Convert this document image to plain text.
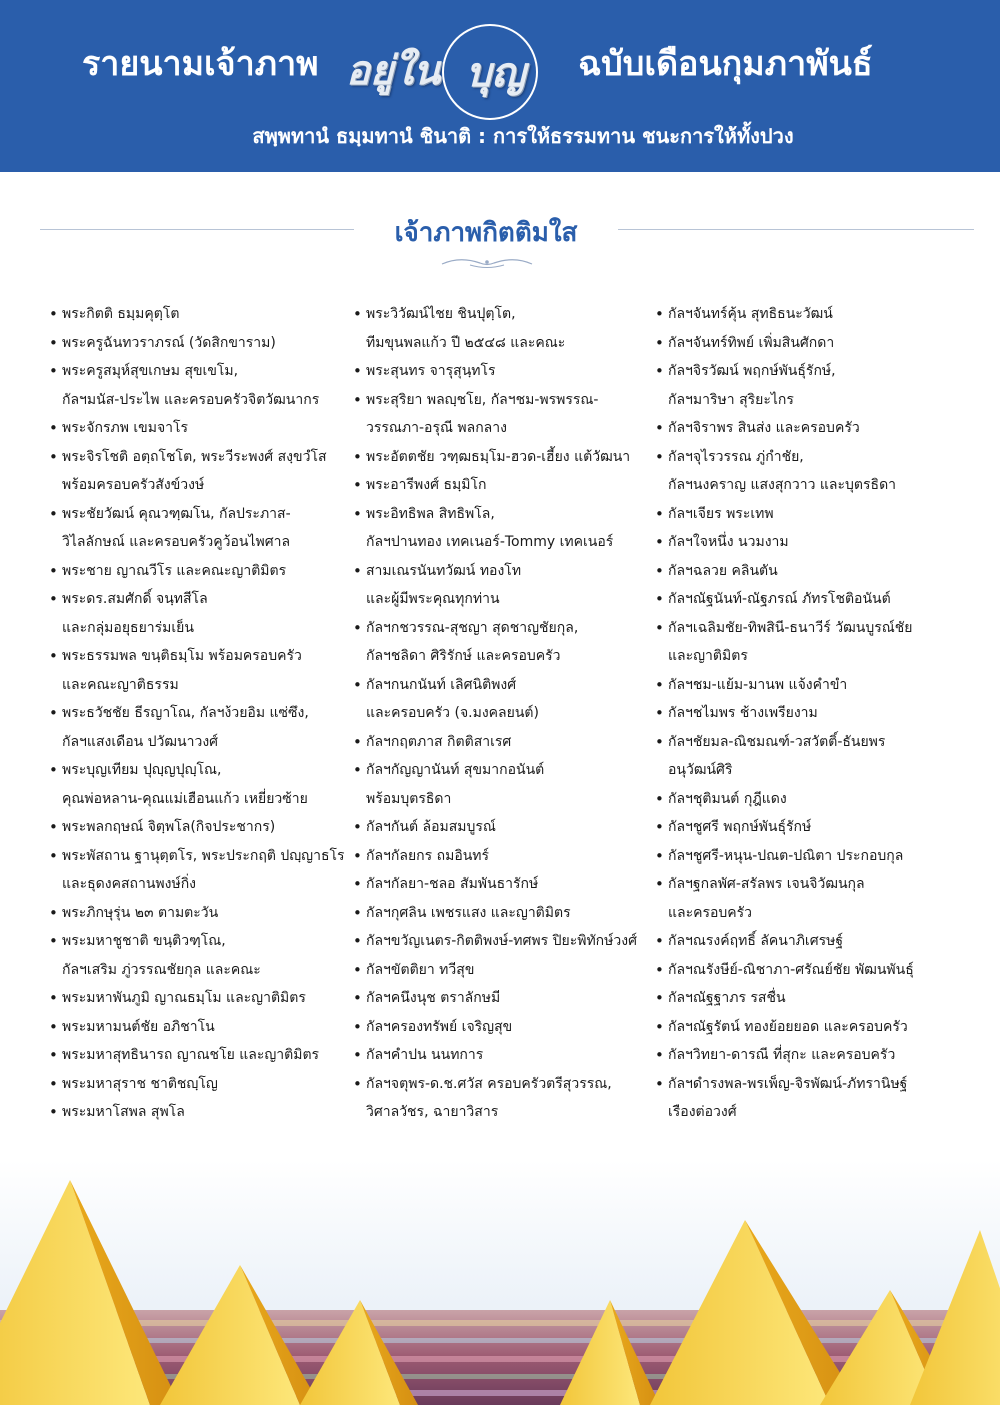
รายนามเจ้าภาพ อยู่ใน บุญ ฉบับเดือนกุมภาพันธ์
สพฺพทานํ ธมฺมทานํ ชินาติ : การให้ธรรมทาน ชนะการให้ทั้งปวง
เจ้าภาพกิตติมใส
• พระกิตติ ธมฺมคุตฺโต
• พระครูฉันทวราภรณ์ (วัดสิกขาราม)
• พระครูสมุห์สุขเกษม สุขเขโม,
กัลฯมนัส-ประไพ และครอบครัวจิตวัฒนากร
• พระจักรภพ เขมจาโร
• พระจิรโชติ อตฺถโชโต, พระวีระพงศ์ สงฺขวํโส
พร้อมครอบครัวสังข์วงษ์
• พระชัยวัฒน์ คุณวฑฺฒโน, กัลประภาส-
วิไลลักษณ์ และครอบครัวคูว้อนไพศาล
• พระชาย ญาณวีโร และคณะญาติมิตร
• พระดร.สมศักดิ์ จนฺทสีโล
และกลุ่มอยุธยาร่มเย็น
• พระธรรมพล ขนฺติธมฺโม พร้อมครอบครัว
และคณะญาติธรรม
• พระธวัชชัย ธีรญาโณ, กัลฯง้วยอิม แซ่ซึง,
กัลฯแสงเดือน ปวัฒนาวงศ์
• พระบุญเทียม ปุญฺญปุญฺโณ,
คุณพ่อหลาน-คุณแม่เฮือนแก้ว เหยี่ยวซ้าย
• พระพลกฤษณ์ จิตฺพโล(กิจประชากร)
• พระพัสถาน ฐานุตฺตโร, พระประกฤติ ปญฺญาธโร
และธุดงคสถานพงษ์กิ่ง
• พระภิกษุรุ่น ๒๓ ตามตะวัน
• พระมหาชูชาติ ขนฺติวฑฺโณ,
กัลฯเสริม ภู่วรรณชัยกุล และคณะ
• พระมหาพันภูมิ ญาณธมฺโม และญาติมิตร
• พระมหามนต์ชัย อภิชาโน
• พระมหาสุทธินารถ ญาณชโย และญาติมิตร
• พระมหาสุราช ชาติชญฺโญ
• พระมหาโสพล สุพโล
• พระวิวัฒน์ไชย ชินปุตฺโต,
ทีมขุนพลแก้ว ปี ๒๕๔๘ และคณะ
• พระสุนทร จารุสุนฺทโร
• พระสุริยา พลญฺชโย, กัลฯชม-พรพรรณ-
วรรณภา-อรุณี พลกลาง
• พระอัตตชัย วฑฺฒธมฺโม-ฮวด-เฮี้ยง แต้วัฒนา
• พระอารีพงศ์ ธมฺมิโก
• พระอิทธิพล สิทธิพโล,
กัลฯปานทอง เทคเนอร์-Tommy เทคเนอร์
• สามเณรนันทวัฒน์ ทองโท
และผู้มีพระคุณทุกท่าน
• กัลฯกชวรรณ-สุชญา สุดชาญชัยกุล,
กัลฯชลิดา ศิริรักษ์ และครอบครัว
• กัลฯกนกนันท์ เลิศนิติพงศ์
และครอบครัว (จ.มงคลยนต์)
• กัลฯกฤตภาส กิตติสาเรศ
• กัลฯกัญญานันท์ สุขมากอนันต์
พร้อมบุตรธิดา
• กัลฯกันต์ ล้อมสมบูรณ์
• กัลฯกัลยกร ถมอินทร์
• กัลฯกัลยา-ชลอ สัมพันธารักษ์
• กัลฯกุศลิน เพชรแสง และญาติมิตร
• กัลฯขวัญเนตร-กิตติพงษ์-ทศพร ปิยะพิทักษ์วงศ์
• กัลฯขัตติยา ทวีสุข
• กัลฯคนึงนุช ตราลักษมี
• กัลฯครองทรัพย์ เจริญสุข
• กัลฯคำปน นนทการ
• กัลฯจตุพร-ด.ช.ศวัส ครอบครัวตรีสุวรรณ,
วิศาลวัชร, ฉายาวิสาร
• กัลฯจันทร์คุ้น สุทธิธนะวัฒน์
• กัลฯจันทร์ทิพย์ เพิ่มสินศักดา
• กัลฯจิรวัฒน์ พฤกษ์พันธุ์รักษ์,
กัลฯมาริษา สุริยะไกร
• กัลฯจิราพร สินส่ง และครอบครัว
• กัลฯจุไรวรรณ ภู่กำชัย,
กัลฯนงคราญ แสงสุกวาว และบุตรธิดา
• กัลฯเจียร พระเทพ
• กัลฯใจหนึ่ง นวมงาม
• กัลฯฉลวย คลินตัน
• กัลฯณัฐนันท์-ณัฐภรณ์ ภัทรโชติอนันต์
• กัลฯเฉลิมชัย-ทิพสินี-ธนาวีร์ วัฒนบูรณ์ชัย
และญาติมิตร
• กัลฯชม-แย้ม-มานพ แจ้งคำขำ
• กัลฯชไมพร ช้างเพรียงาม
• กัลฯชัยมล-ณิชมณฑ์-วสวัตติ์-ธันยพร
อนุวัฒน์ศิริ
• กัลฯชุติมนต์ กุฎีแดง
• กัลฯชูศรี พฤกษ์พันธุ์รักษ์
• กัลฯชูศรี-หนุน-ปณต-ปณิตา ประกอบกุล
• กัลฯฐกลพัศ-สรัลพร เจนจิวัฒนกุล
และครอบครัว
• กัลฯณรงค์ฤทธิ์ ลัคนาภิเศรษฐ์
• กัลฯณรังษีย์-ณิชาภา-ศรัณย์ชัย พัฒนพันธุ์
• กัลฯณัฐฐาภร รสชื่น
• กัลฯณัฐรัตน์ ทองย้อยยอด และครอบครัว
• กัลฯวิทยา-ดารณี ที่สุกะ และครอบครัว
• กัลฯดำรงพล-พรเพ็ญ-จิรพัฒน์-ภัทรานิษฐ์
เรืองต่อวงศ์
